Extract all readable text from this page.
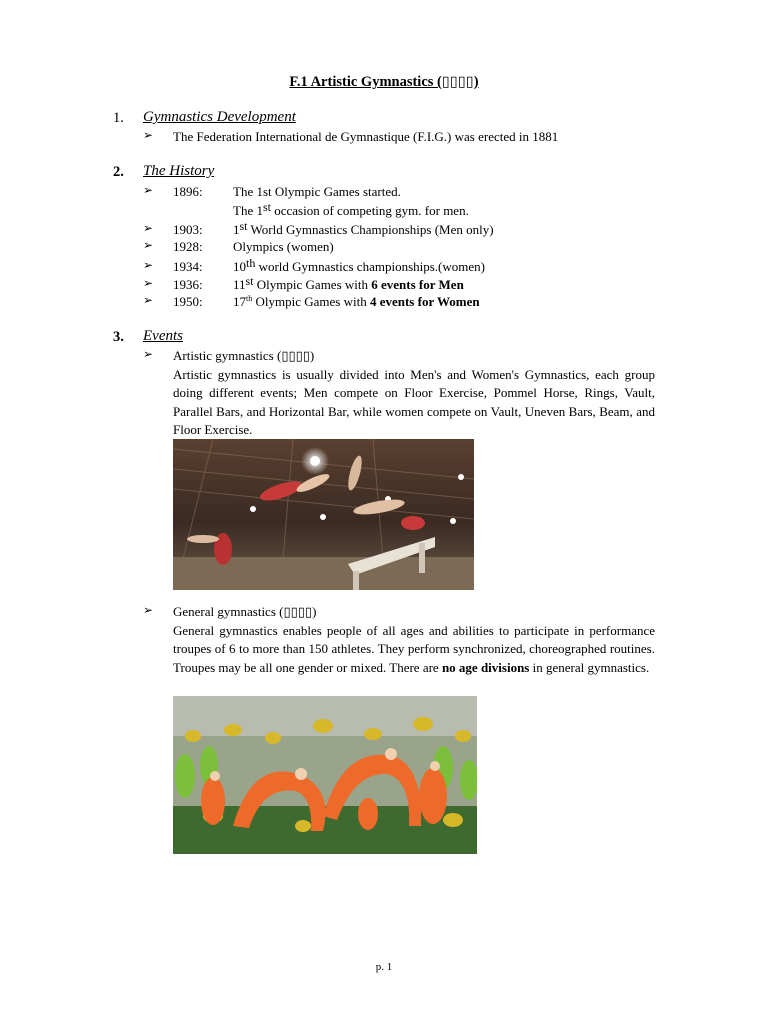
F.1 Artistic Gymnastics (▯▯▯▯)
1. Gymnastics Development
➢ The Federation International de Gymnastique (F.I.G.) was erected in 1881
2. The History
➢ 1896: The 1st Olympic Games started.
The 1st occasion of competing gym. for men.
➢ 1903: 1st World Gymnastics Championships (Men only)
➢ 1928: Olympics (women)
➢ 1934: 10th world Gymnastics championships.(women)
➢ 1936: 11st Olympic Games with 6 events for Men
➢ 1950: 17th Olympic Games with 4 events for Women
3. Events
➢ Artistic gymnastics (▯▯▯▯)
Artistic gymnastics is usually divided into Men's and Women's Gymnastics, each group doing different events; Men compete on Floor Exercise, Pommel Horse, Rings, Vault, Parallel Bars, and Horizontal Bar, while women compete on Vault, Uneven Bars, Beam, and Floor Exercise.
➢ General gymnastics (▯▯▯▯)
General gymnastics enables people of all ages and abilities to participate in performance troupes of 6 to more than 150 athletes. They perform synchronized, choreographed routines. Troupes may be all one gender or mixed. There are no age divisions in general gymnastics.
p. 1
